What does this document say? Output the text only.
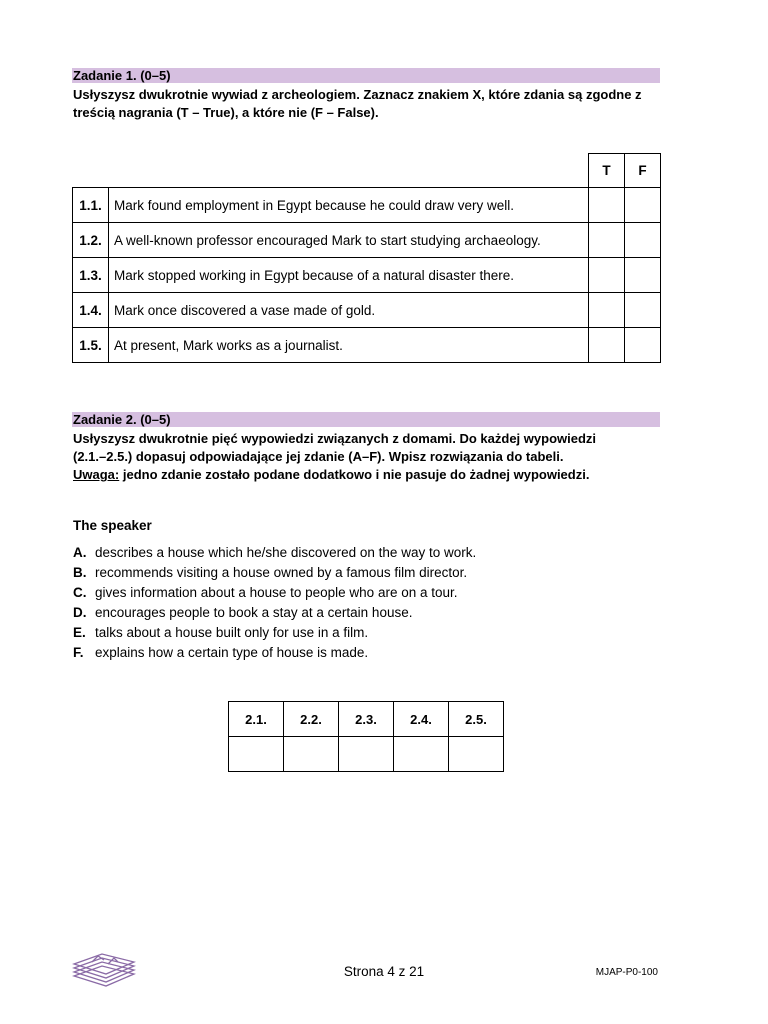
Zadanie 1. (0–5)
Usłyszysz dwukrotnie wywiad z archeologiem. Zaznacz znakiem X, które zdania są zgodne z treścią nagrania (T – True), a które nie (F – False).
		T	F
1.1.	Mark found employment in Egypt because he could draw very well.		
1.2.	A well-known professor encouraged Mark to start studying archaeology.		
1.3.	Mark stopped working in Egypt because of a natural disaster there.		
1.4.	Mark once discovered a vase made of gold.		
1.5.	At present, Mark works as a journalist.		
Zadanie 2. (0–5)
Usłyszysz dwukrotnie pięć wypowiedzi związanych z domami. Do każdej wypowiedzi
(2.1.–2.5.) dopasuj odpowiadające jej zdanie (A–F). Wpisz rozwiązania do tabeli.
Uwaga: jedno zdanie zostało podane dodatkowo i nie pasuje do żadnej wypowiedzi.
The speaker
A. describes a house which he/she discovered on the way to work.
B. recommends visiting a house owned by a famous film director.
C. gives information about a house to people who are on a tour.
D. encourages people to book a stay at a certain house.
E. talks about a house built only for use in a film.
F. explains how a certain type of house is made.
2.1.	2.2.	2.3.	2.4.	2.5.

Strona 4 z 21	MJAP-P0-100
